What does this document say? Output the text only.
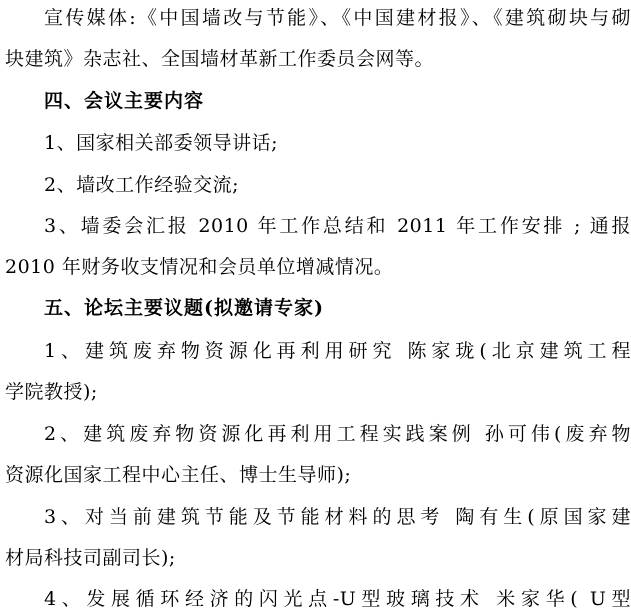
宣传媒体:《中国墙改与节能》、《中国建材报》、《建筑砌块与砌
块建筑》杂志社、全国墙材革新工作委员会网等。
四、会议主要内容
1、国家相关部委领导讲话;
2、墙改工作经验交流;
3、墙委会汇报 2010 年工作总结和 2011 年工作安排 ; 通报
2010 年财务收支情况和会员单位增减情况。
五、论坛主要议题(拟邀请专家)
1、建筑废弃物资源化再利用研究 陈家珑(北京建筑工程
学院教授);
2、建筑废弃物资源化再利用工程实践案例 孙可伟(废弃物
资源化国家工程中心主任、博士生导师);
3、对当前建筑节能及节能材料的思考 陶有生(原国家建
材局科技司副司长);
4、发展循环经济的闪光点-U型玻璃技术 米家华( U型
